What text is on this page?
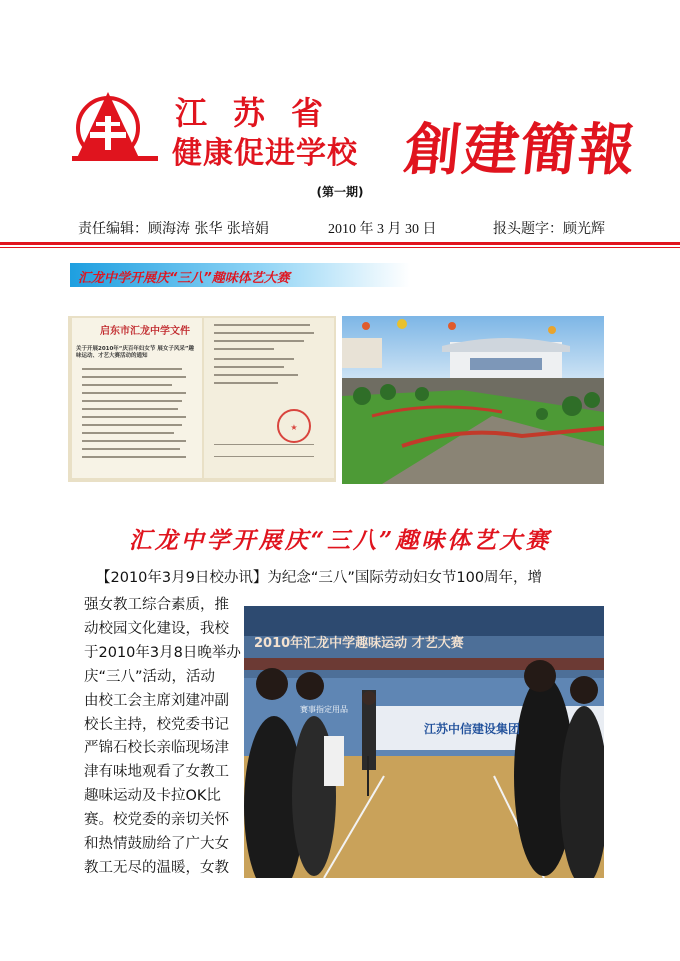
江苏省
健康促进学校 創建簡報
(第一期)
责任编辑：顾海涛 张华 张培娟	2010 年 3 月 30 日	报头题字：顾光辉
汇龙中学开展庆“三八”趣味体艺大赛
★
启东市汇龙中学文件
关于开展2010年“庆百年妇女节 展女子风采”趣味运动、才艺大赛活动的通知
汇龙中学开展庆“三八”趣味体艺大赛
【2010年3月9日校办讯】为纪念“三八”国际劳动妇女节100周年，增
强女教工综合素质，推
动校园文化建设，我校
于2010年3月8日晚举办
庆“三八”活动，活动
由校工会主席刘建冲副
校长主持，校党委书记
严锦石校长亲临现场津
津有味地观看了女教工
趣味运动及卡拉OK比
赛。校党委的亲切关怀
和热情鼓励给了广大女
教工无尽的温暖，女教
2010年汇龙中学趣味运动 才艺大赛
江苏中信建设集团
赛事指定用品
